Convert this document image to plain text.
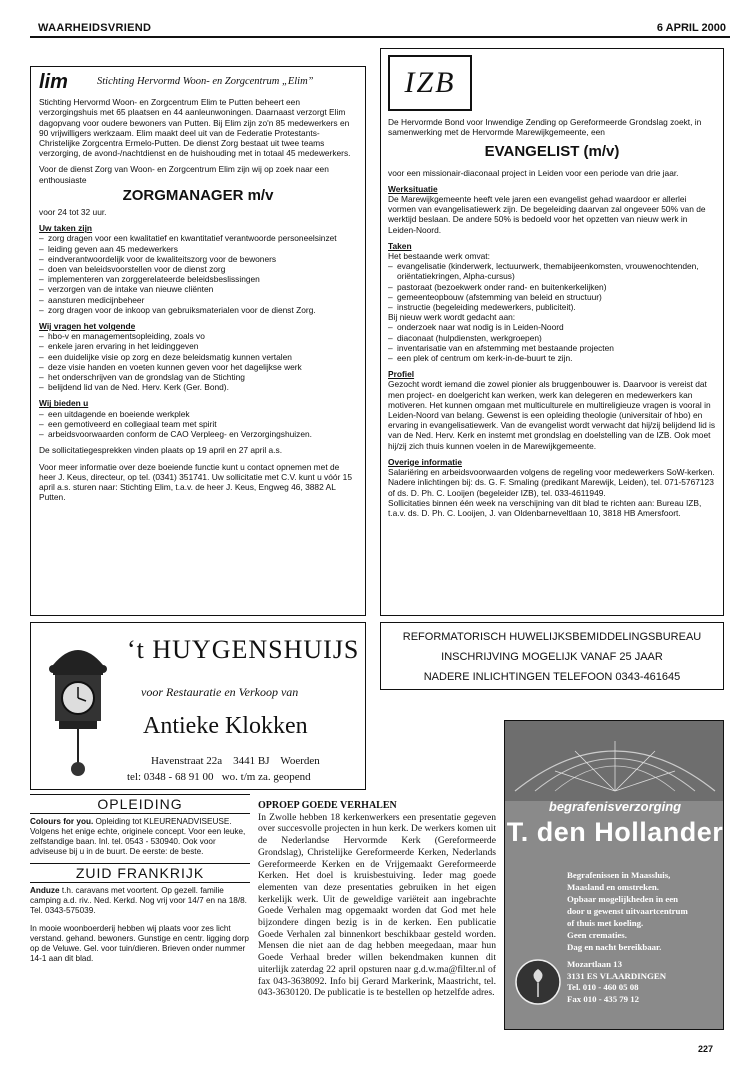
WAARHEIDSVRIEND	6 APRIL 2000
lim	Stichting Hervormd Woon- en Zorgcentrum „Elim”

Stichting Hervormd Woon- en Zorgcentrum Elim te Putten beheert een verzorgingshuis met 65 plaatsen en 44 aanleunwoningen. Daarnaast verzorgt Elim dagopvang voor oudere bewoners van Putten. Bij Elim zijn zo'n 85 medewerkers en 90 vrijwilligers werkzaam. Elim maakt deel uit van de Federatie Protestants-Christelijke Zorgcentra Ermelo-Putten. De dienst Zorg bestaat uit twee teams verzorging, de avond-/nachtdienst en de huishouding met in totaal 45 medewerkers.

Voor de dienst Zorg van Woon- en Zorgcentrum Elim zijn wij op zoek naar een enthousiaste

ZORGMANAGER m/v

voor 24 tot 32 uur.

Uw taken zijn
– zorg dragen voor een kwalitatief en kwantitatief verantwoorde personeelsinzet
– leiding geven aan 45 medewerkers
– eindverantwoordelijk voor de kwaliteitszorg voor de bewoners
– doen van beleidsvoorstellen voor de dienst zorg
– implementeren van zorggerelateerde beleidsbeslissingen
– verzorgen van de intake van nieuwe cliënten
– aansturen medicijnbeheer
– zorg dragen voor de inkoop van gebruiksmaterialen voor de dienst Zorg.
Wij vragen het volgende
– hbo-v en managementsopleiding, zoals vo
– enkele jaren ervaring in het leidinggeven
– een duidelijke visie op zorg en deze beleidsmatig kunnen vertalen
– deze visie handen en voeten kunnen geven voor het dagelijkse werk
– het onderschrijven van de grondslag van de Stichting
– belijdend lid van de Ned. Herv. Kerk (Ger. Bond).
Wij bieden u
– een uitdagende en boeiende werkplek
– een gemotiveerd en collegiaal team met spirit
– arbeidsvoorwaarden conform de CAO Verpleeg- en Verzorgingshuizen.

De sollicitatiegesprekken vinden plaats op 19 april en 27 april a.s.

Voor meer informatie over deze boeiende functie kunt u contact opnemen met de heer J. Keus, directeur, op tel. (0341) 351741. Uw sollicitatie met C.V. kunt u vóór 15 april a.s. sturen naar: Stichting Elim, t.a.v. de heer J. Keus, Engweg 46, 3882 AL Putten.

IZB

De Hervormde Bond voor Inwendige Zending op Gereformeerde Grondslag zoekt, in samenwerking met de Hervormde Marewijkgemeente, een

EVANGELIST (m/v)

voor een missionair-diaconaal project in Leiden voor een periode van drie jaar.

Werksituatie

De Marewijkgemeente heeft vele jaren een evangelist gehad waardoor er allerlei vormen van evangelisatiewerk zijn. De begeleiding daarvan zal ongeveer 50% van de werktijd beslaan. De andere 50% is bedoeld voor het opzetten van nieuw werk in Leiden-Noord.

Taken
Het bestaande werk omvat:
– evangelisatie (kinderwerk, lectuurwerk, themabijeenkomsten, vrouwenochtenden, oriëntatiekringen, Alpha-cursus)
– pastoraat (bezoekwerk onder rand- en buitenkerkelijken)
– gemeenteopbouw (afstemming van beleid en structuur)
– instructie (begeleiding medewerkers, publiciteit).
Bij nieuw werk wordt gedacht aan:
– onderzoek naar wat nodig is in Leiden-Noord
– diaconaat (hulpdiensten, werkgroepen)
– inventarisatie van en afstemming met bestaande projecten
– een plek of centrum om kerk-in-de-buurt te zijn.
Profiel

Gezocht wordt iemand die zowel pionier als bruggenbouwer is. Daarvoor is vereist dat men project- en doelgericht kan werken, werk kan delegeren en medewerkers kan motiveren. Het kunnen omgaan met multiculturele en multireligieuze vragen is vooral in Leiden-Noord van belang. Gewenst is een opleiding theologie (universitair of hbo) en ervaring in evangelisatiewerk. Van de evangelist wordt verwacht dat hij/zij belijdend lid is van de Ned. Herv. Kerk en instemt met grondslag en doelstelling van de IZB. Ook moet hij/zij zich thuis kunnen voelen in de Marewijkgemeente.

Overige informatie
Salariëring en arbeidsvoorwaarden volgens de regeling voor medewerkers SoW-kerken.
Nadere inlichtingen bij: ds. G. F. Smaling (predikant Marewijk, Leiden), tel. 071-5767123 of ds. D. Ph. C. Looijen (begeleider IZB), tel. 033-4611949.
Sollicitaties binnen één week na verschijning van dit blad te richten aan: Bureau IZB, t.a.v. ds. D. Ph. C. Looijen, J. van Oldenbarneveltlaan 10, 3818 HB Amersfoort.
‘t HUYGENSHUIJS
voor Restauratie en Verkoop van
Antieke Klokken
Havenstraat 22a    3441 BJ    Woerden
tel: 0348 - 68 91 00   wo. t/m za. geopend
REFORMATORISCH HUWELIJKSBEMIDDELINGSBUREAU
INSCHRIJVING MOGELIJK VANAF 25 JAAR
NADERE INLICHTINGEN TELEFOON 0343-461645
OPLEIDING
Colours for you. Opleiding tot KLEURENADVISEUSE. Volgens het enige echte, originele concept. Voor een leuke, zelfstandige baan. Inl. tel. 0543 - 530940. Ook voor adviseuse bij u in de buurt. De eerste: de beste.
ZUID FRANKRIJK
Anduze t.h. caravans met voortent. Op gezell. familie camping a.d. riv.. Ned. Kerkd. Nog vrij voor 14/7 en na 18/8. Tel. 0343-575039.
In mooie woonboerderij hebben wij plaats voor zes licht verstand. gehand. bewoners. Gunstige en centr. ligging dorp op de Veluwe. Gel. voor tuin/dieren. Brieven onder nummer 14-1 aan dit blad.
OPROEP GOEDE VERHALEN
In Zwolle hebben 18 kerkenwerkers een presentatie gegeven over succesvolle projecten in hun kerk. De werkers komen uit de Nederlandse Hervormde Kerk (Gereformeerde Grondslag), Christelijke Gereformeerde Kerken, Nederlands Gereformeerde Kerken en de Vrijgemaakt Gereformeerde Kerken. Het doel is kruisbestuiving. Ieder mag goede elementen van deze presentaties gebruiken in het eigen kerkelijk werk. Uit de geweldige variëteit aan ingebrachte Goede Verhalen mag opgemaakt worden dat God met hele bijzondere dingen bezig is in de kerken. Een publicatie Goede Verhalen zal binnenkort beschikbaar gesteld worden. Mensen die niet aan de dag hebben meegedaan, maar hun Goede Verhaal breder willen bekendmaken kunnen dit uiterlijk zaterdag 22 april opsturen naar g.d.w.ma@filter.nl of fax 043-3638092. Info bij Gerard Markerink, Maastricht, tel. 043-3630120. De publicatie is te bestellen op hetzelfde adres.
begrafenisverzorging
T. den Hollander
Begrafenissen in Maassluis,
Maasland en omstreken.
Opbaar mogelijkheden in een
door u gewenst uitvaartcentrum
of thuis met koeling.
Geen crematies.
Dag en nacht bereikbaar.
Mozartlaan 13
3131 ES VLAARDINGEN
Tel. 010 - 460 05 08
Fax 010 - 435 79 12
227
